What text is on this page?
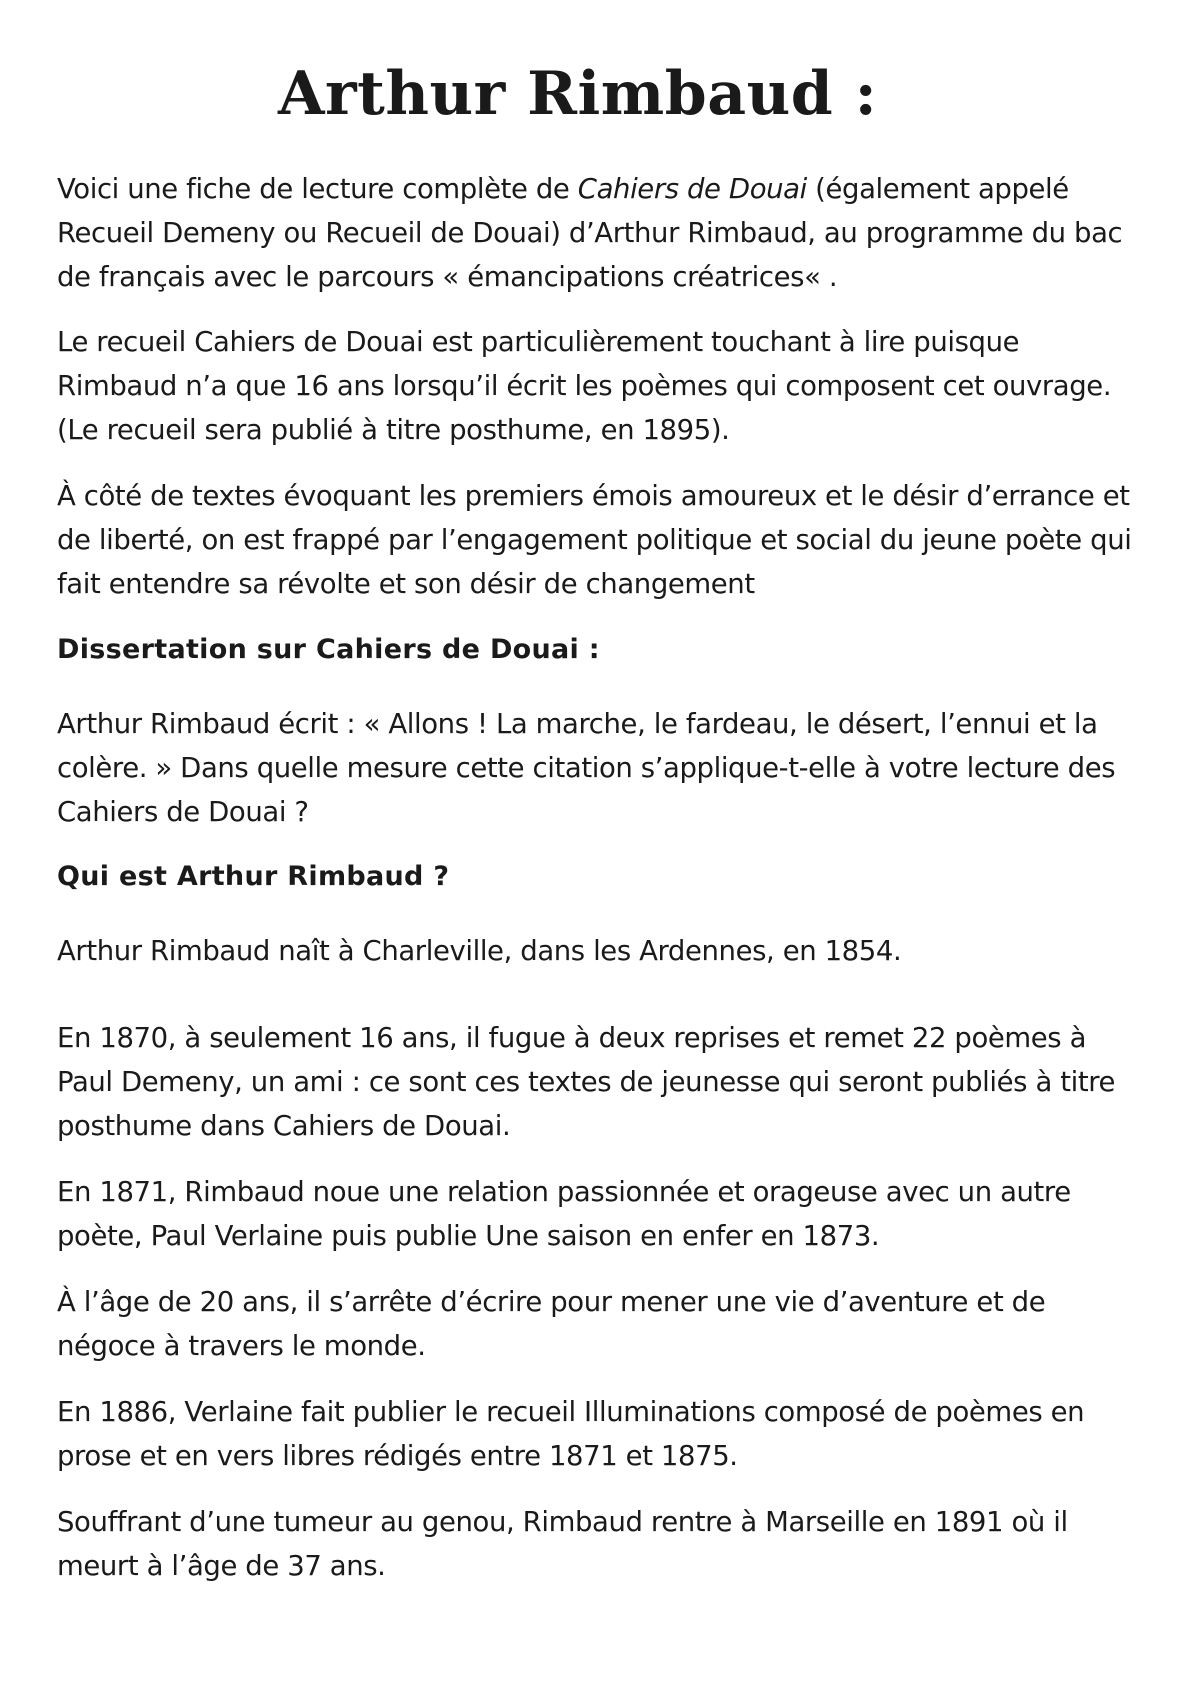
Arthur Rimbaud :

Voici une fiche de lecture complète de Cahiers de Douai (également appelé Recueil Demeny ou Recueil de Douai) d’Arthur Rimbaud, au programme du bac de français avec le parcours « émancipations créatrices« .

Le recueil Cahiers de Douai est particulièrement touchant à lire puisque Rimbaud n’a que 16 ans lorsqu’il écrit les poèmes qui composent cet ouvrage. (Le recueil sera publié à titre posthume, en 1895).

À côté de textes évoquant les premiers émois amoureux et le désir d’errance et de liberté, on est frappé par l’engagement politique et social du jeune poète qui fait entendre sa révolte et son désir de changement

Dissertation sur Cahiers de Douai :

Arthur Rimbaud écrit : « Allons ! La marche, le fardeau, le désert, l’ennui et la colère. » Dans quelle mesure cette citation s’applique-t-elle à votre lecture des Cahiers de Douai ?

Qui est Arthur Rimbaud ?

Arthur Rimbaud naît à Charleville, dans les Ardennes, en 1854.

En 1870, à seulement 16 ans, il fugue à deux reprises et remet 22 poèmes à Paul Demeny, un ami : ce sont ces textes de jeunesse qui seront publiés à titre posthume dans Cahiers de Douai.

En 1871, Rimbaud noue une relation passionnée et orageuse avec un autre poète, Paul Verlaine puis publie Une saison en enfer en 1873.

À l’âge de 20 ans, il s’arrête d’écrire pour mener une vie d’aventure et de négoce à travers le monde.

En 1886, Verlaine fait publier le recueil Illuminations composé de poèmes en prose et en vers libres rédigés entre 1871 et 1875.

Souffrant d’une tumeur au genou, Rimbaud rentre à Marseille en 1891 où il meurt à l’âge de 37 ans.
